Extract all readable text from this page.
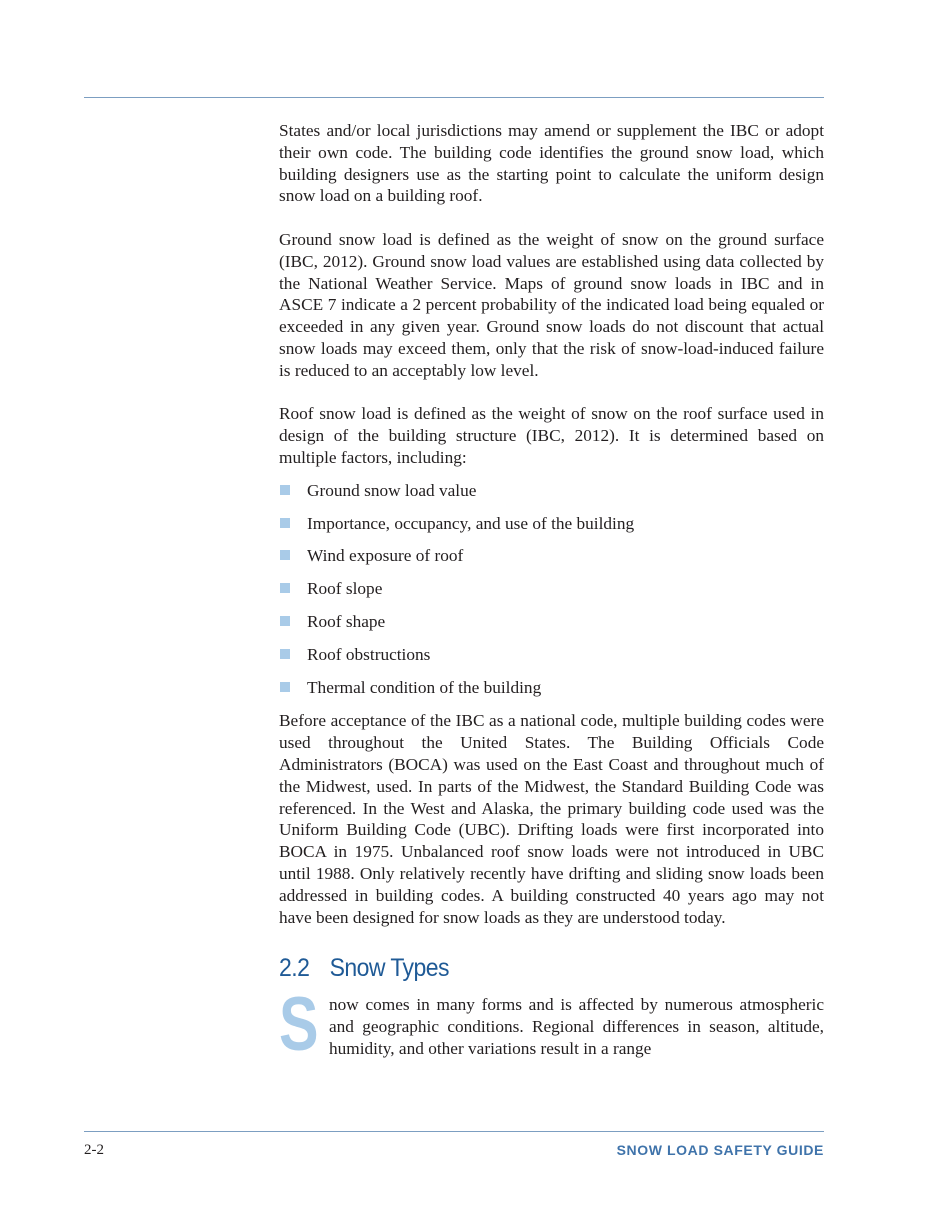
States and/or local jurisdictions may amend or supplement the IBC or adopt their own code. The building code identifies the ground snow load, which building designers use as the starting point to calculate the uniform design snow load on a building roof.

Ground snow load is defined as the weight of snow on the ground surface (IBC, 2012). Ground snow load values are established using data collected by the National Weather Service. Maps of ground snow loads in IBC and in ASCE 7 indicate a 2 percent probability of the indicated load being equaled or exceeded in any given year. Ground snow loads do not discount that actual snow loads may exceed them, only that the risk of snow-load-induced failure is reduced to an acceptably low level.

Roof snow load is defined as the weight of snow on the roof surface used in design of the building structure (IBC, 2012). It is determined based on multiple factors, including:

Ground snow load value
Importance, occupancy, and use of the building
Wind exposure of roof
Roof slope
Roof shape
Roof obstructions
Thermal condition of the building

Before acceptance of the IBC as a national code, multiple building codes were used throughout the United States. The Building Officials Code Administrators (BOCA) was used on the East Coast and throughout much of the Midwest, used. In parts of the Midwest, the Standard Building Code was referenced. In the West and Alaska, the primary building code used was the Uniform Building Code (UBC). Drifting loads were first incorporated into BOCA in 1975. Unbalanced roof snow loads were not introduced in UBC until 1988. Only relatively recently have drifting and sliding snow loads been addressed in building codes. A building constructed 40 years ago may not have been designed for snow loads as they are understood today.

2.2 Snow Types
S now comes in many forms and is affected by numerous atmospheric and geographic conditions. Regional differences in season, altitude, humidity, and other variations result in a range

2-2	SNOW LOAD SAFETY GUIDE
